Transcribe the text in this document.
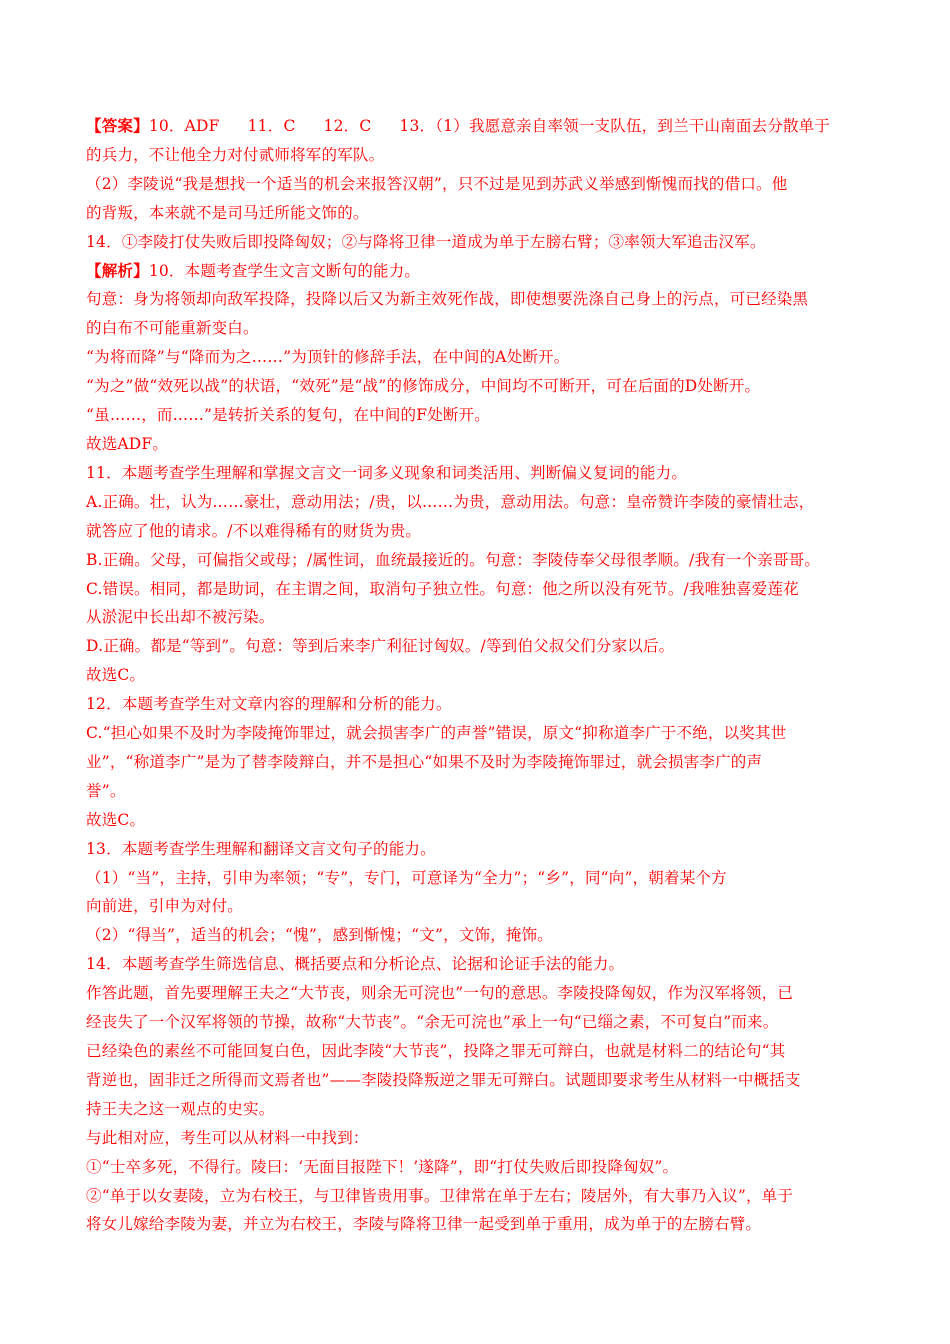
【答案】10．ADF 11．C 12．C 13．（1）我愿意亲自率领一支队伍，到兰干山南面去分散单于
的兵力，不让他全力对付贰师将军的军队。
（2）李陵说“我是想找一个适当的机会来报答汉朝”，只不过是见到苏武义举感到惭愧而找的借口。他
的背叛，本来就不是司马迁所能文饰的。
14．①李陵打仗失败后即投降匈奴；②与降将卫律一道成为单于左膀右臂；③率领大军追击汉军。
【解析】10．本题考查学生文言文断句的能力。
句意：身为将领却向敌军投降，投降以后又为新主效死作战，即使想要洗涤自己身上的污点，可已经染黑
的白布不可能重新变白。
“为将而降”与“降而为之……”为顶针的修辞手法，在中间的A处断开。
“为之”做“效死以战”的状语，“效死”是“战”的修饰成分，中间均不可断开，可在后面的D处断开。
“虽……，而……”是转折关系的复句，在中间的F处断开。
故选ADF。
11．本题考查学生理解和掌握文言文一词多义现象和词类活用、判断偏义复词的能力。
A.正确。壮，认为……豪壮，意动用法；/贵，以……为贵，意动用法。句意：皇帝赞许李陵的豪情壮志，
就答应了他的请求。/不以难得稀有的财货为贵。
B.正确。父母，可偏指父或母；/属性词，血统最接近的。句意：李陵侍奉父母很孝顺。/我有一个亲哥哥。
C.错误。相同，都是助词，在主谓之间，取消句子独立性。句意：他之所以没有死节。/我唯独喜爱莲花
从淤泥中长出却不被污染。
D.正确。都是“等到”。句意：等到后来李广利征讨匈奴。/等到伯父叔父们分家以后。
故选C。
12．本题考查学生对文章内容的理解和分析的能力。
C.“担心如果不及时为李陵掩饰罪过，就会损害李广的声誉”错误，原文“抑称道李广于不绝，以奖其世
业”，“称道李广”是为了替李陵辩白，并不是担心“如果不及时为李陵掩饰罪过，就会损害李广的声
誉”。
故选C。
13．本题考查学生理解和翻译文言文句子的能力。
（1）“当”，主持，引申为率领；“专”，专门，可意译为“全力”；“乡”，同“向”，朝着某个方
向前进，引申为对付。
（2）“得当”，适当的机会；“愧”，感到惭愧；“文”，文饰，掩饰。
14．本题考查学生筛选信息、概括要点和分析论点、论据和论证手法的能力。
作答此题，首先要理解王夫之“大节丧，则余无可浣也”一句的意思。李陵投降匈奴，作为汉军将领，已
经丧失了一个汉军将领的节操，故称“大节丧”。“余无可浣也”承上一句“已缁之素，不可复白”而来。
已经染色的素丝不可能回复白色，因此李陵“大节丧”，投降之罪无可辩白，也就是材料二的结论句“其
背逆也，固非迁之所得而文焉者也”——李陵投降叛逆之罪无可辩白。试题即要求考生从材料一中概括支
持王夫之这一观点的史实。
与此相对应，考生可以从材料一中找到：
①“士卒多死，不得行。陵曰：‘无面目报陛下！’遂降”，即“打仗失败后即投降匈奴”。
②“单于以女妻陵，立为右校王，与卫律皆贵用事。卫律常在单于左右；陵居外，有大事乃入议”，单于
将女儿嫁给李陵为妻，并立为右校王，李陵与降将卫律一起受到单于重用，成为单于的左膀右臂。
